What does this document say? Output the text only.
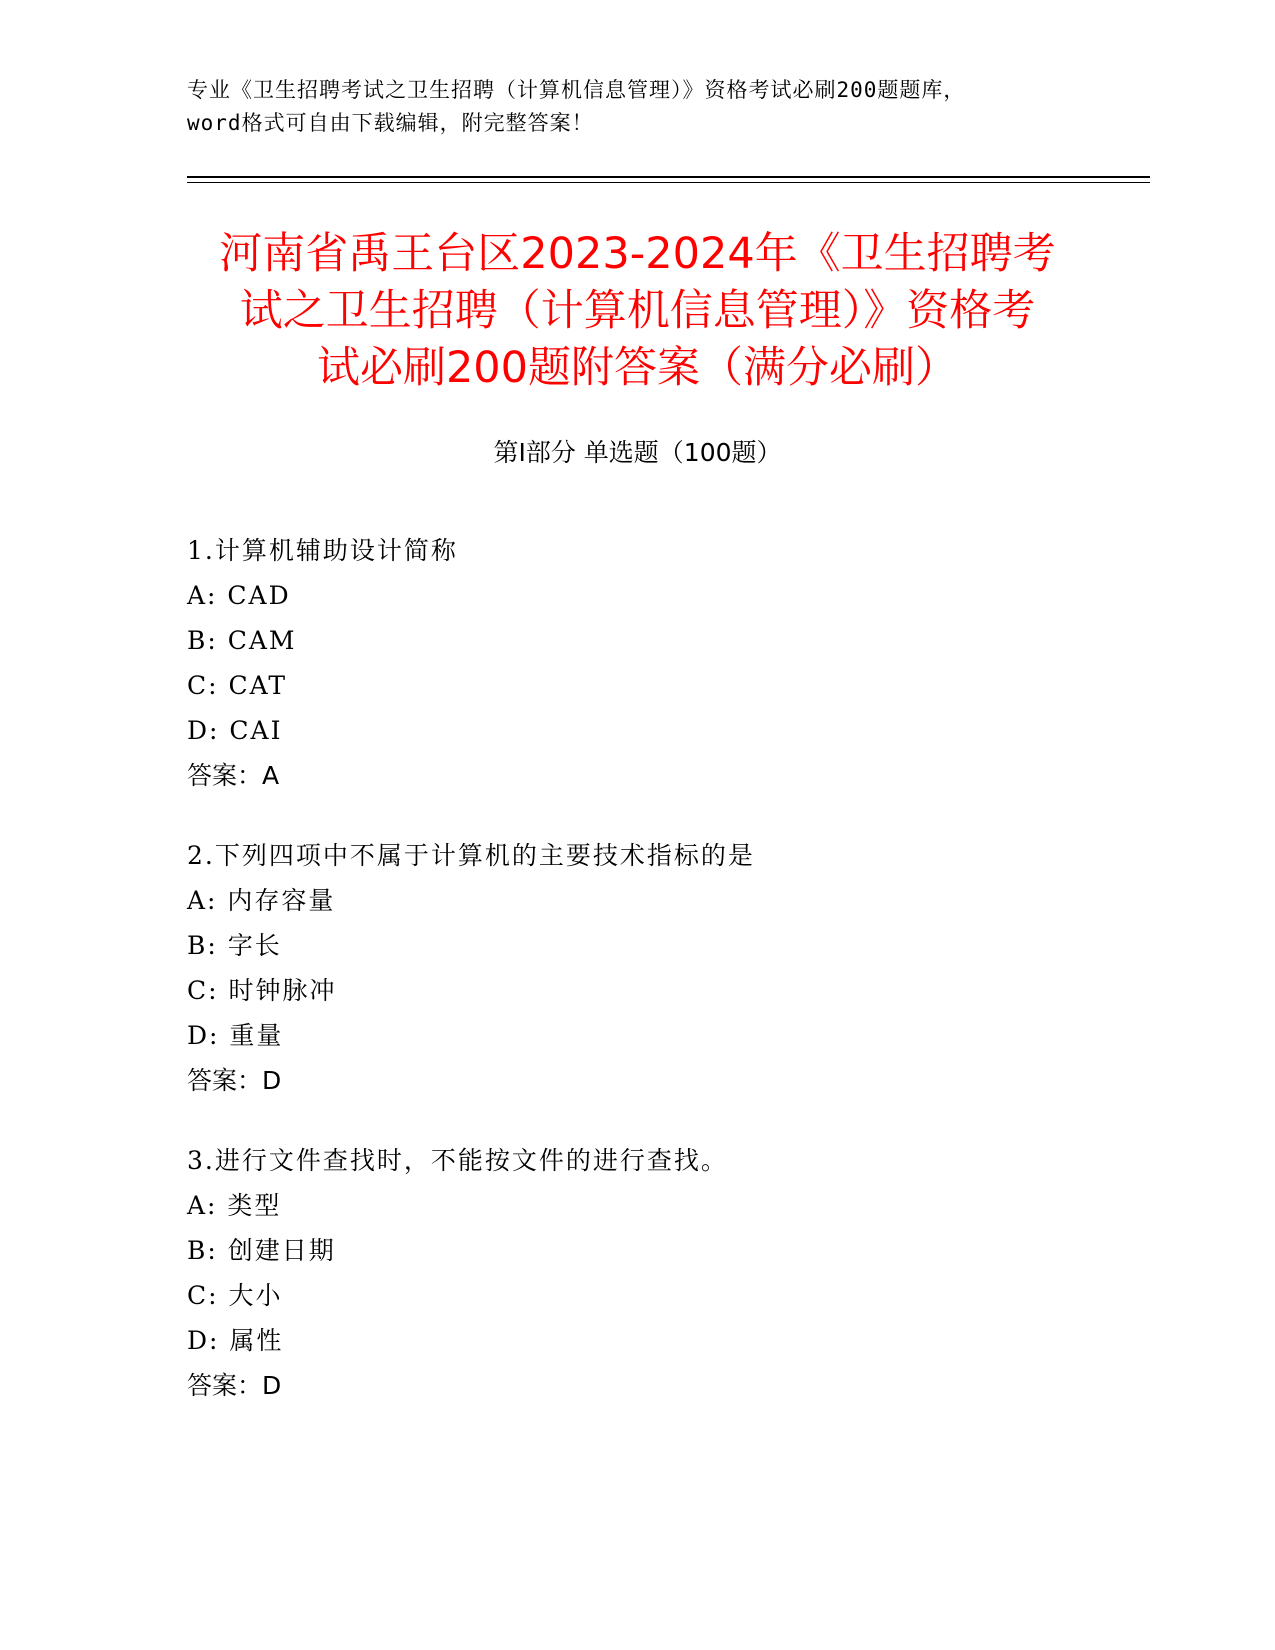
专业《卫生招聘考试之卫生招聘（计算机信息管理）》资格考试必刷200题题库，
word格式可自由下载编辑，附完整答案！
河南省禹王台区2023-2024年《卫生招聘考
试之卫生招聘（计算机信息管理）》资格考
试必刷200题附答案（满分必刷）
第Ⅰ部分 单选题（100题）
1.计算机辅助设计简称
A: CAD
B: CAM
C: CAT
D: CAI
答案：A
2.下列四项中不属于计算机的主要技术指标的是
A: 内存容量
B: 字长
C: 时钟脉冲
D: 重量
答案：D
3.进行文件查找时，不能按文件的进行查找。
A: 类型
B: 创建日期
C: 大小
D: 属性
答案：D
